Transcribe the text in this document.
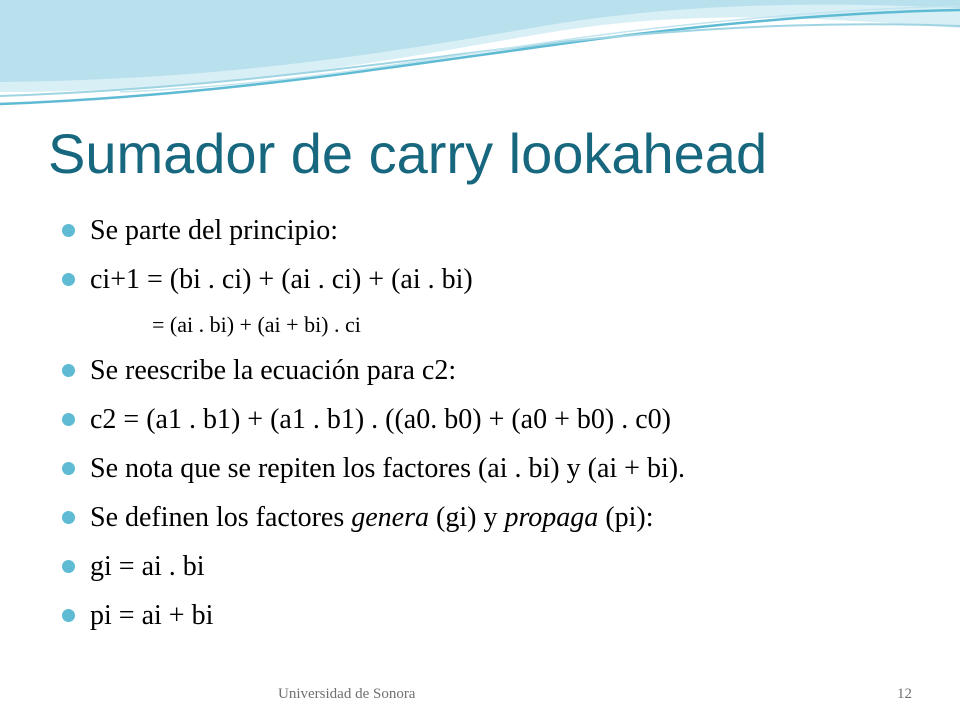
Sumador de carry lookahead
Se parte del principio:
ci+1 = (bi . ci) + (ai . ci) + (ai . bi)
= (ai . bi) + (ai + bi) . ci
Se reescribe la ecuación para c2:
c2 = (a1 . b1) + (a1 . b1) . ((a0. b0) + (a0 + b0) . c0)
Se nota que se repiten los factores (ai . bi) y (ai + bi).
Se definen los factores genera (gi) y propaga (pi):
gi = ai . bi
pi = ai + bi
Universidad de Sonora	12
